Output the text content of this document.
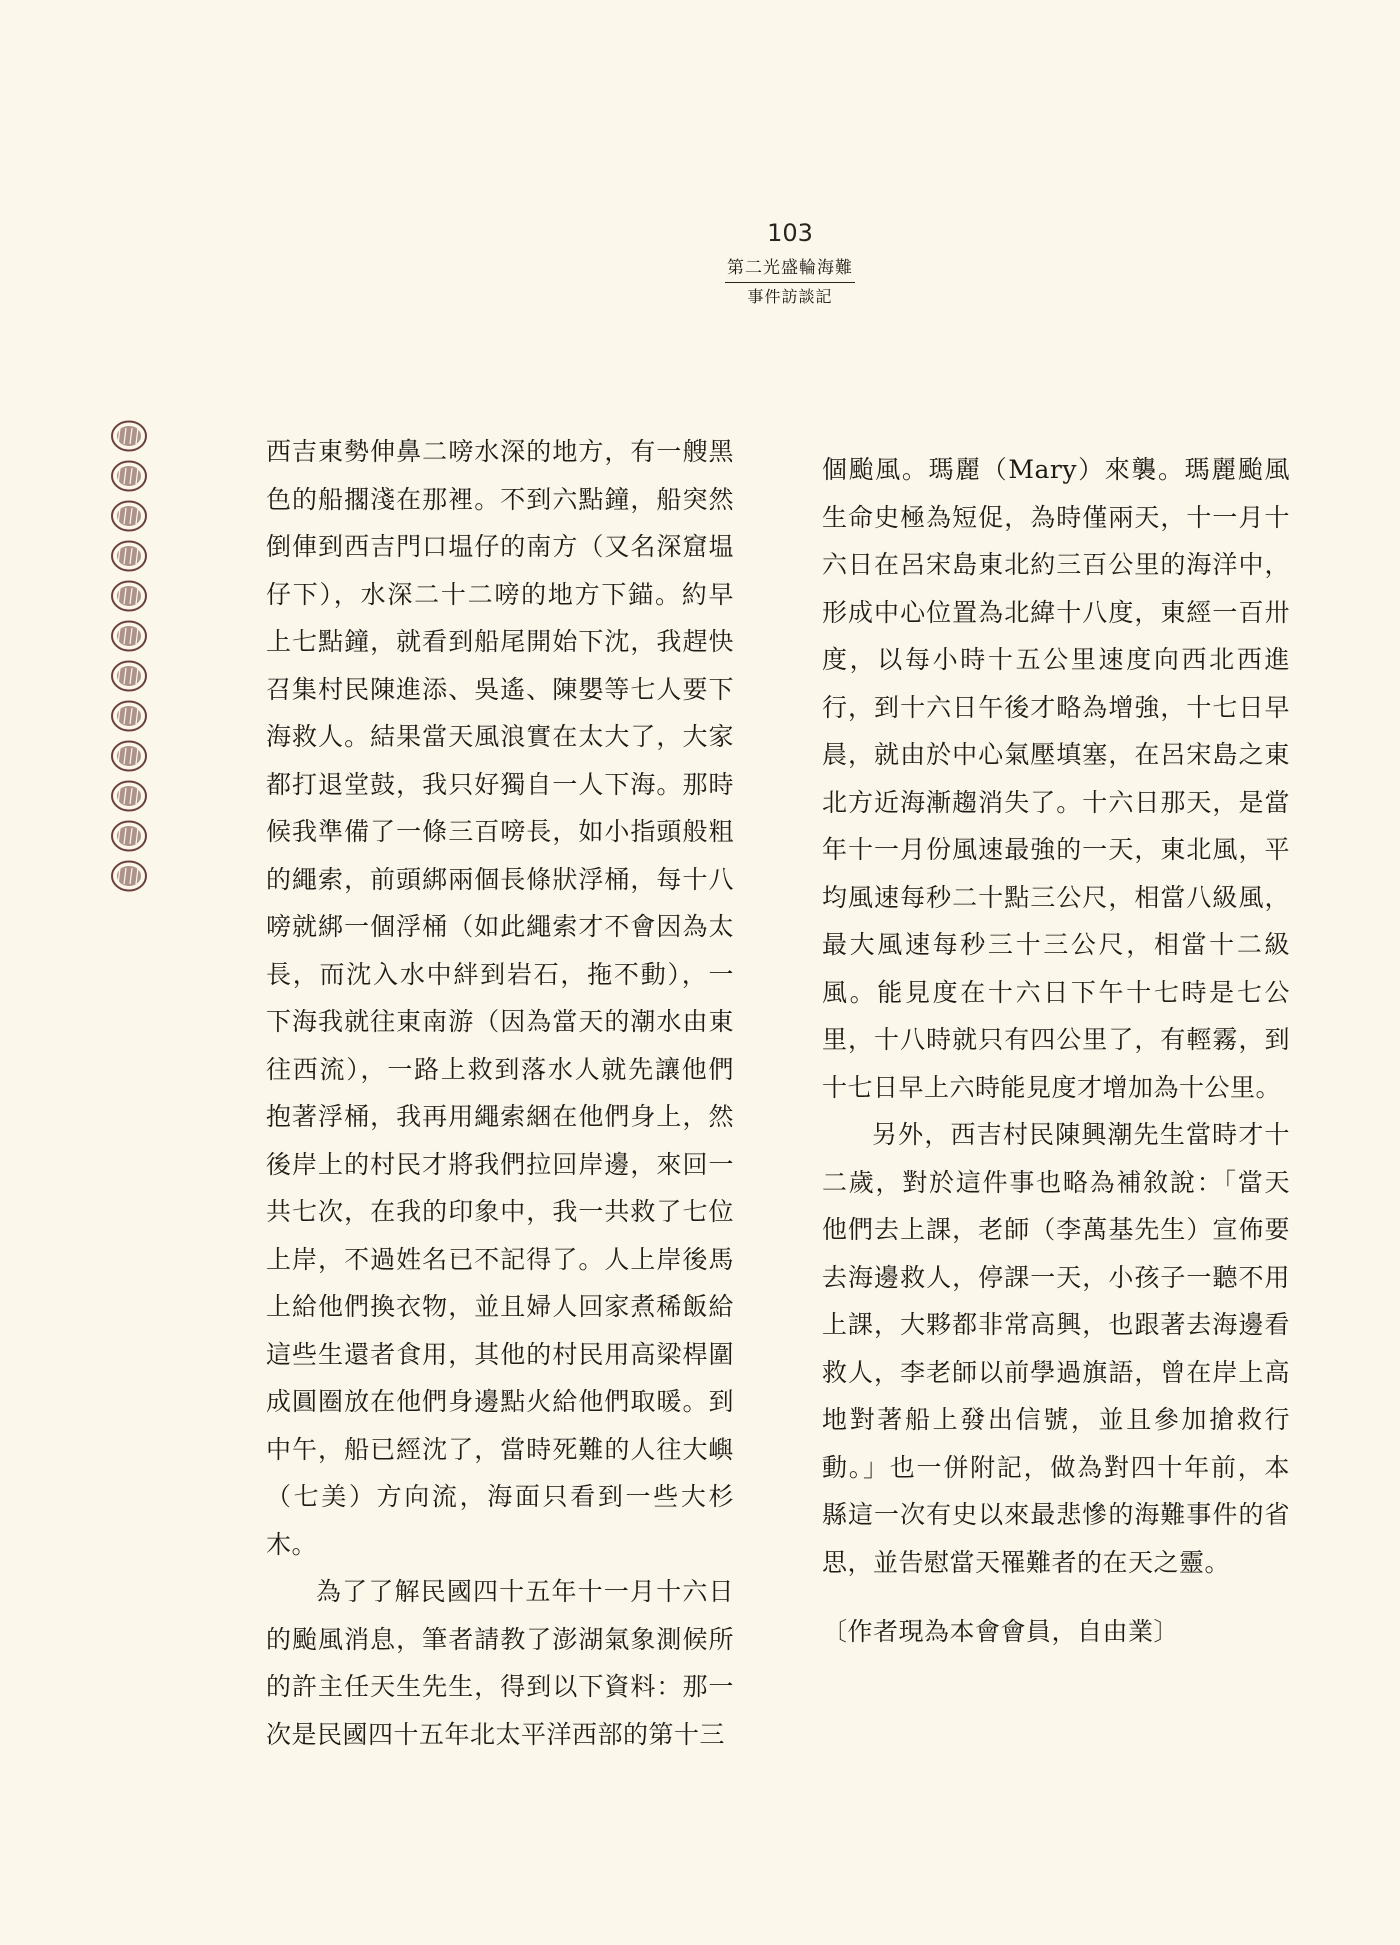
103
第二光盛輪海難
事件訪談記

西吉東勢伸鼻二嗙水深的地方，有一艘黑色的船擱淺在那裡。不到六點鐘，船突然倒俥到西吉門口塭仔的南方（又名深窟塭仔下），水深二十二嗙的地方下錨。約早上七點鐘，就看到船尾開始下沈，我趕快召集村民陳進添、吳遙、陳嬰等七人要下海救人。結果當天風浪實在太大了，大家都打退堂鼓，我只好獨自一人下海。那時候我準備了一條三百嗙長，如小指頭般粗的繩索，前頭綁兩個長條狀浮桶，每十八嗙就綁一個浮桶（如此繩索才不會因為太長，而沈入水中絆到岩石，拖不動），一下海我就往東南游（因為當天的潮水由東往西流），一路上救到落水人就先讓他們抱著浮桶，我再用繩索綑在他們身上，然後岸上的村民才將我們拉回岸邊，來回一共七次，在我的印象中，我一共救了七位上岸，不過姓名已不記得了。人上岸後馬上給他們換衣物，並且婦人回家煮稀飯給這些生還者食用，其他的村民用高梁桿圍成圓圈放在他們身邊點火給他們取暖。到中午，船已經沈了，當時死難的人往大嶼（七美）方向流，海面只看到一些大杉木。

為了了解民國四十五年十一月十六日的颱風消息，筆者請教了澎湖氣象測候所的許主任天生先生，得到以下資料：那一次是民國四十五年北太平洋西部的第十三

個颱風。瑪麗（Mary）來襲。瑪麗颱風生命史極為短促，為時僅兩天，十一月十六日在呂宋島東北約三百公里的海洋中，形成中心位置為北緯十八度，東經一百卅度，以每小時十五公里速度向西北西進行，到十六日午後才略為增強，十七日早晨，就由於中心氣壓填塞，在呂宋島之東北方近海漸趨消失了。十六日那天，是當年十一月份風速最強的一天，東北風，平均風速每秒二十點三公尺，相當八級風，最大風速每秒三十三公尺，相當十二級風。能見度在十六日下午十七時是七公里，十八時就只有四公里了，有輕霧，到十七日早上六時能見度才增加為十公里。

另外，西吉村民陳興潮先生當時才十二歲，對於這件事也略為補敘說：「當天他們去上課，老師（李萬基先生）宣佈要去海邊救人，停課一天，小孩子一聽不用上課，大夥都非常高興，也跟著去海邊看救人，李老師以前學過旗語，曾在岸上高地對著船上發出信號，並且參加搶救行動。」也一併附記，做為對四十年前，本縣這一次有史以來最悲慘的海難事件的省思，並告慰當天罹難者的在天之靈。

〔作者現為本會會員，自由業〕
